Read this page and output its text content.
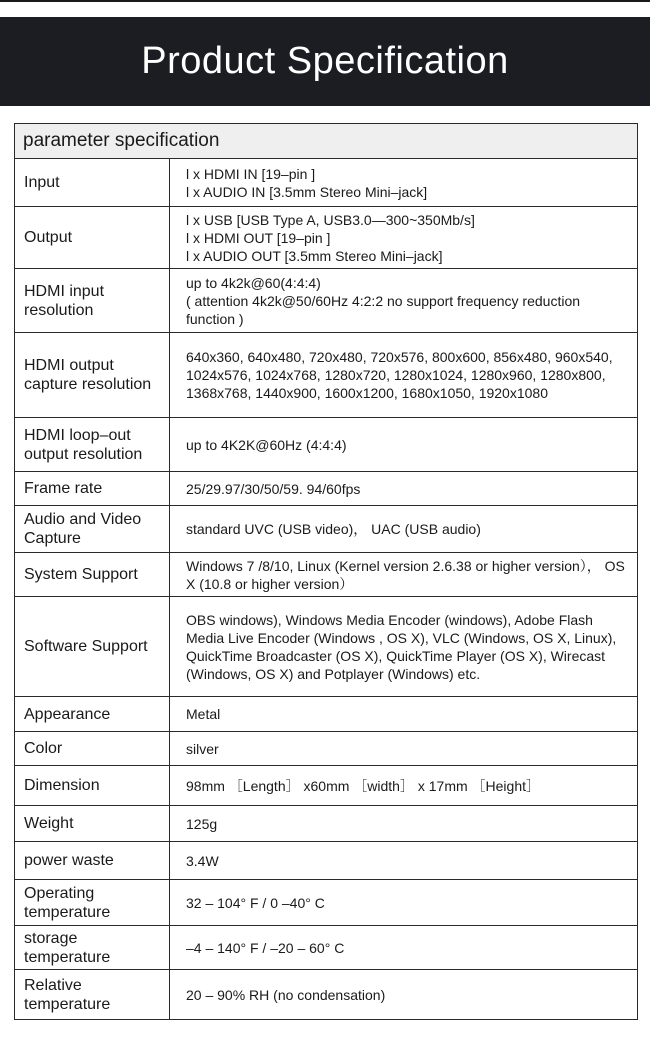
Product Specification
parameter specification	
Input	l x HDMI IN [19–pin ]
l x AUDIO IN [3.5mm Stereo Mini–jack]

Output	l x USB [USB Type A, USB3.0—300~350Mb/s]
l x HDMI OUT [19–pin ]
l x AUDIO OUT [3.5mm Stereo Mini–jack]

HDMI input resolution	up to 4k2k@60(4:4:4)
( attention 4k2k@50/60Hz 4:2:2 no support frequency reduction function )

HDMI output capture resolution	640x360, 640x480, 720x480, 720x576, 800x600, 856x480, 960x540, 1024x576, 1024x768, 1280x720, 1280x1024, 1280x960, 1280x800, 1368x768, 1440x900, 1600x1200, 1680x1050, 1920x1080

HDMI loop–out output resolution	up to 4K2K@60Hz (4:4:4)

Frame rate	25/29.97/30/50/59. 94/60fps

Audio and Video Capture	standard UVC (USB video)， UAC (USB audio)

System Support	Windows 7 /8/10, Linux (Kernel version 2.6.38 or higher version）， OS X (10.8 or higher version）

Software Support	OBS windows), Windows Media Encoder (windows), Adobe Flash Media Live Encoder (Windows , OS X), VLC (Windows, OS X, Linux), QuickTime Broadcaster (OS X), QuickTime Player (OS X), Wirecast (Windows, OS X) and Potplayer (Windows) etc.

Appearance	Metal

Color	silver

Dimension	98mm ［Length］ x60mm ［width］ x 17mm ［Height］

Weight	125g

power waste	3.4W

Operating temperature	32 – 104° F / 0 –40° C

storage temperature	–4 – 140° F / –20 – 60° C

Relative temperature	20 – 90% RH (no condensation)
